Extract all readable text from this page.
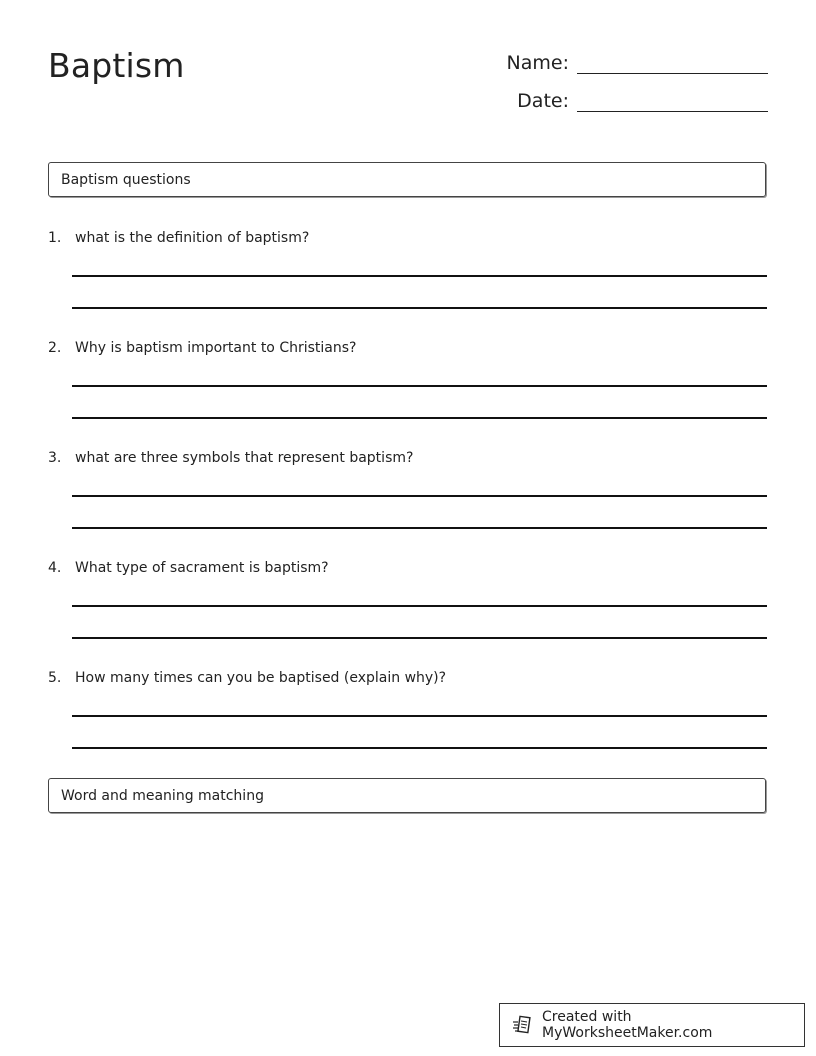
Baptism	Name:
Date:
Baptism questions
1. what is the definition of baptism?
2. Why is baptism important to Christians?
3. what are three symbols that represent baptism?
4. What type of sacrament is baptism?
5. How many times can you be baptised (explain why)?
Word and meaning matching
Created with MyWorksheetMaker.com
